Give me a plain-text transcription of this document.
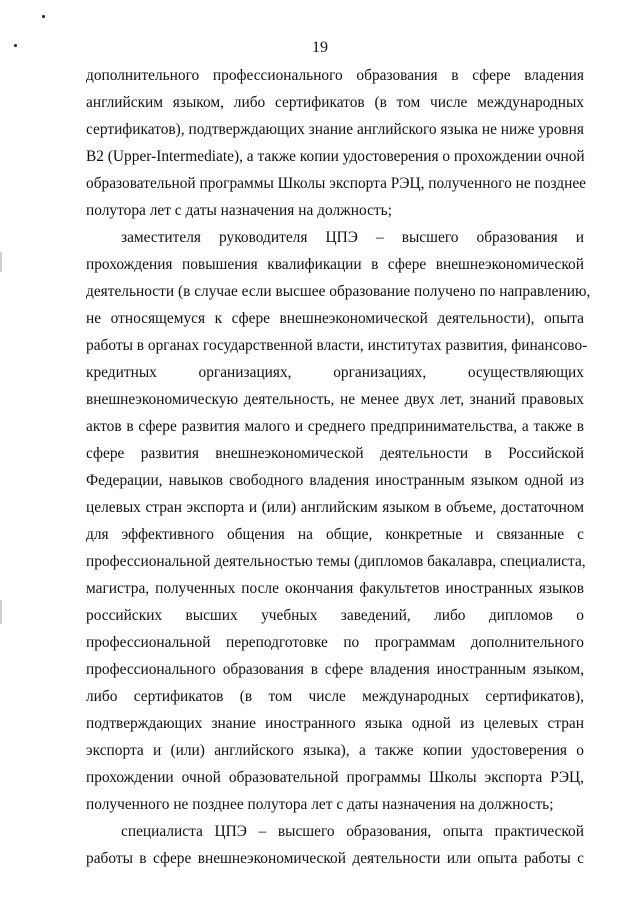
19
дополнительного профессионального образования в сфере владения
английским языком, либо сертификатов (в том числе международных
сертификатов), подтверждающих знание английского языка не ниже уровня
B2 (Upper-Intermediate), а также копии удостоверения о прохождении очной
образовательной программы Школы экспорта РЭЦ, полученного не позднее
полутора лет с даты назначения на должность;
заместителя руководителя ЦПЭ – высшего образования и
прохождения повышения квалификации в сфере внешнеэкономической
деятельности (в случае если высшее образование получено по направлению,
не относящемуся к сфере внешнеэкономической деятельности), опыта
работы в органах государственной власти, институтах развития, финансово-
кредитных организациях, организациях, осуществляющих
внешнеэкономическую деятельность, не менее двух лет, знаний правовых
актов в сфере развития малого и среднего предпринимательства, а также в
сфере развития внешнеэкономической деятельности в Российской
Федерации, навыков свободного владения иностранным языком одной из
целевых стран экспорта и (или) английским языком в объеме, достаточном
для эффективного общения на общие, конкретные и связанные с
профессиональной деятельностью темы (дипломов бакалавра, специалиста,
магистра, полученных после окончания факультетов иностранных языков
российских высших учебных заведений, либо дипломов о
профессиональной переподготовке по программам дополнительного
профессионального образования в сфере владения иностранным языком,
либо сертификатов (в том числе международных сертификатов),
подтверждающих знание иностранного языка одной из целевых стран
экспорта и (или) английского языка), а также копии удостоверения о
прохождении очной образовательной программы Школы экспорта РЭЦ,
полученного не позднее полутора лет с даты назначения на должность;
специалиста ЦПЭ – высшего образования, опыта практической
работы в сфере внешнеэкономической деятельности или опыта работы с
